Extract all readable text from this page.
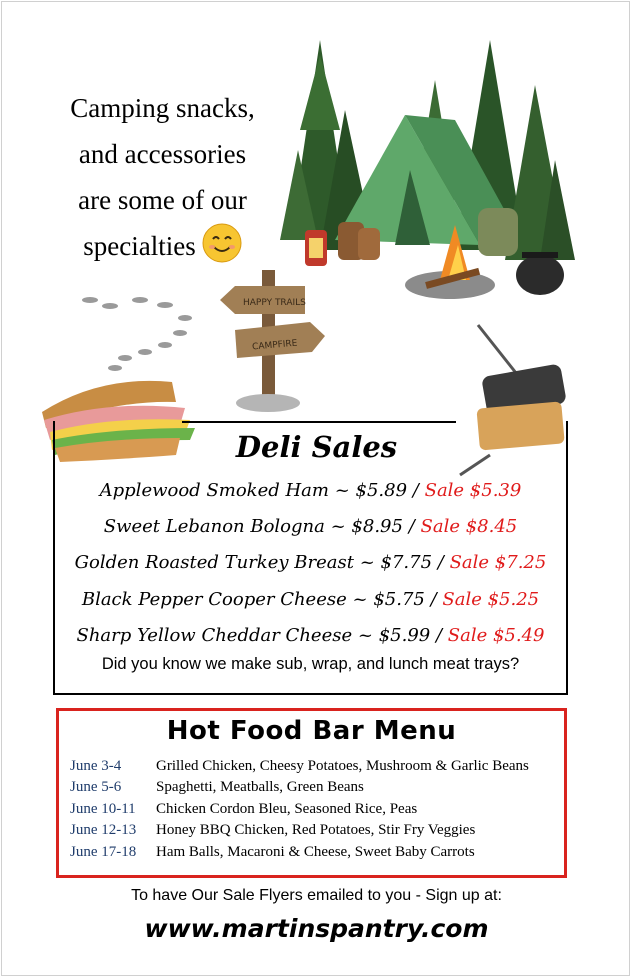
Camping snacks,
and accessories
are some of our
specialties
HAPPY TRAILS
CAMPFIRE
Deli Sales
Applewood Smoked Ham ~ $5.89 / Sale $5.39
Sweet Lebanon Bologna ~ $8.95 / Sale $8.45
Golden Roasted Turkey Breast ~ $7.75 / Sale $7.25
Black Pepper Cooper Cheese ~ $5.75 / Sale $5.25
Sharp Yellow Cheddar Cheese ~ $5.99 / Sale $5.49
Did you know we make sub, wrap, and lunch meat trays?
Hot Food Bar Menu
June 3-4 Grilled Chicken, Cheesy Potatoes, Mushroom & Garlic Beans
June 5-6 Spaghetti, Meatballs, Green Beans
June 10-11 Chicken Cordon Bleu, Seasoned Rice, Peas
June 12-13 Honey BBQ Chicken, Red Potatoes, Stir Fry Veggies
June 17-18 Ham Balls, Macaroni & Cheese, Sweet Baby Carrots
To have Our Sale Flyers emailed to you - Sign up at:
www.martinspantry.com
